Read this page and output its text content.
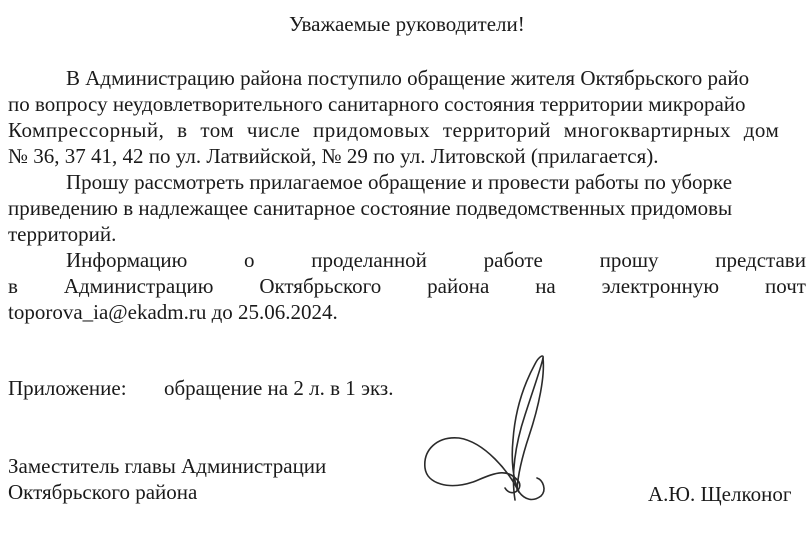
Уважаемые руководители!
В Администрацию района поступило обращение жителя Октябрьского райо
по вопросу неудовлетворительного санитарного состояния территории микрорайо
Компрессорный, в том числе придомовых территорий многоквартирных дом
№ 36, 37 41, 42 по ул. Латвийской, № 29 по ул. Литовской (прилагается).
Прошу рассмотреть прилагаемое обращение и провести работы по уборке
приведению в надлежащее санитарное состояние подведомственных придомовы
территорий.
Информацию	о	проделанной	работе	прошу	представи
в Администрацию Октябрьского района на электронную почт
toporova_ia@ekadm.ru до 25.06.2024.
Приложение: обращение на 2 л. в 1 экз.
Заместитель главы Администрации
Октябрьского района	А.Ю. Щелконог
